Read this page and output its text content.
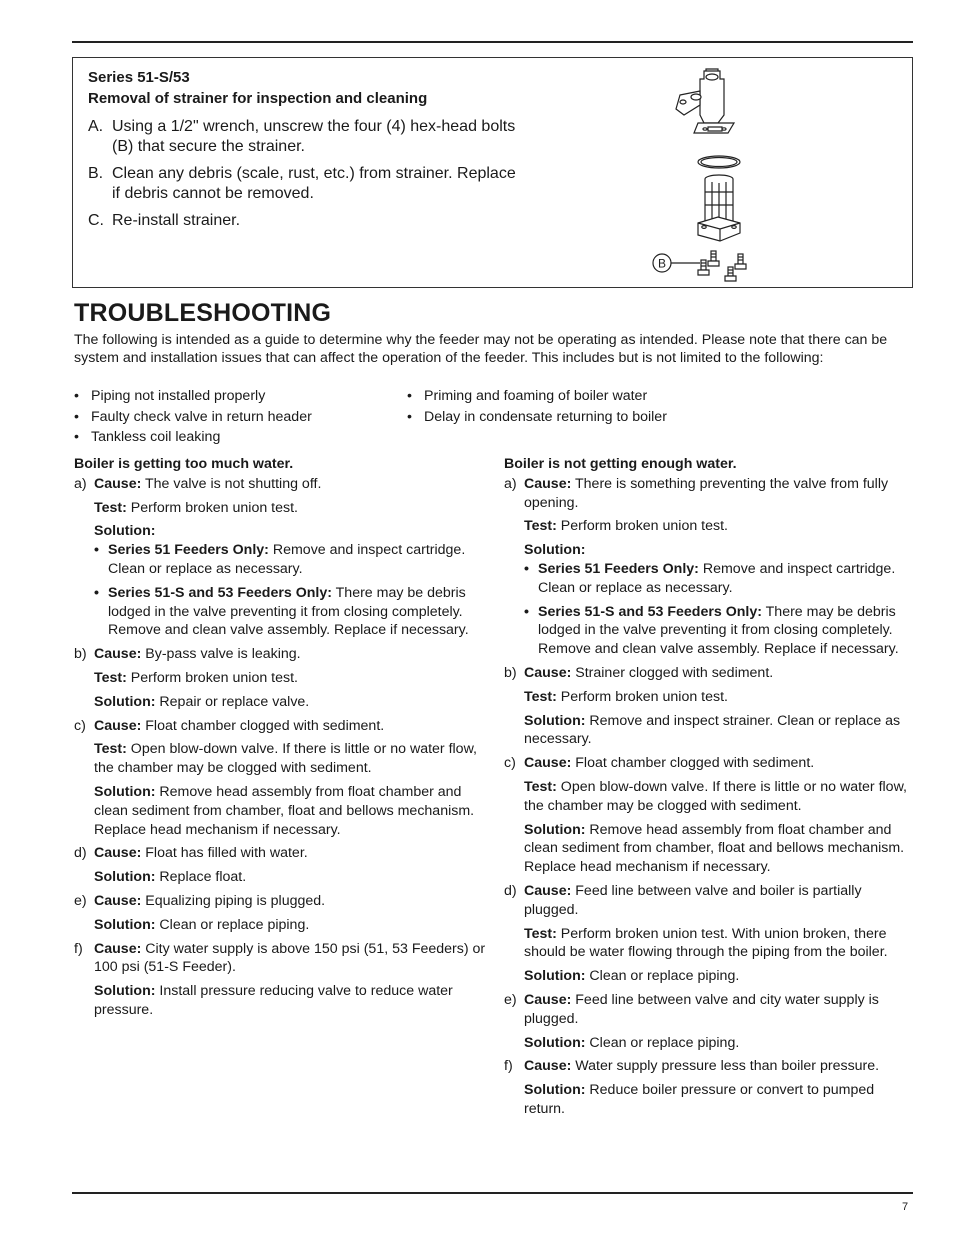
Series 51-S/53
Removal of strainer for inspection and cleaning
A. Using a 1/2" wrench, unscrew the four (4) hex-head bolts (B) that secure the strainer.
B. Clean any debris (scale, rust, etc.) from strainer. Replace if debris cannot be removed.
C. Re-install strainer.
B
TROUBLESHOOTING
The following is intended as a guide to determine why the feeder may not be operating as intended. Please note that there can be system and installation issues that can affect the operation of the feeder. This includes but is not limited to the following:
• Piping not installed properly
• Faulty check valve in return header
• Tankless coil leaking
• Priming and foaming of boiler water
• Delay in condensate returning to boiler
Boiler is getting too much water.
a) Cause: The valve is not shutting off.
Test: Perform broken union test.
Solution:
• Series 51 Feeders Only: Remove and inspect cartridge. Clean or replace as necessary.
• Series 51-S and 53 Feeders Only: There may be debris lodged in the valve preventing it from closing completely. Remove and clean valve assembly. Replace if necessary.
b) Cause: By-pass valve is leaking.
Test: Perform broken union test.
Solution: Repair or replace valve.
c) Cause: Float chamber clogged with sediment.
Test: Open blow-down valve. If there is little or no water flow, the chamber may be clogged with sediment.
Solution: Remove head assembly from float chamber and clean sediment from chamber, float and bellows mechanism. Replace head mechanism if necessary.
d) Cause: Float has filled with water.
Solution: Replace float.
e) Cause: Equalizing piping is plugged.
Solution: Clean or replace piping.
f) Cause: City water supply is above 150 psi (51, 53 Feeders) or 100 psi (51-S Feeder).
Solution: Install pressure reducing valve to reduce water pressure.
Boiler is not getting enough water.
a) Cause: There is something preventing the valve from fully opening.
Test: Perform broken union test.
Solution:
• Series 51 Feeders Only: Remove and inspect cartridge. Clean or replace as necessary.
• Series 51-S and 53 Feeders Only: There may be debris lodged in the valve preventing it from closing completely. Remove and clean valve assembly. Replace if necessary.
b) Cause: Strainer clogged with sediment.
Test: Perform broken union test.
Solution: Remove and inspect strainer. Clean or replace as necessary.
c) Cause: Float chamber clogged with sediment.
Test: Open blow-down valve. If there is little or no water flow, the chamber may be clogged with sediment.
Solution: Remove head assembly from float chamber and clean sediment from chamber, float and bellows mechanism. Replace head mechanism if necessary.
d) Cause: Feed line between valve and boiler is partially plugged.
Test: Perform broken union test. With union broken, there should be water flowing through the piping from the boiler.
Solution: Clean or replace piping.
e) Cause: Feed line between valve and city water supply is plugged.
Solution: Clean or replace piping.
f) Cause: Water supply pressure less than boiler pressure.
Solution: Reduce boiler pressure or convert to pumped return.
7
